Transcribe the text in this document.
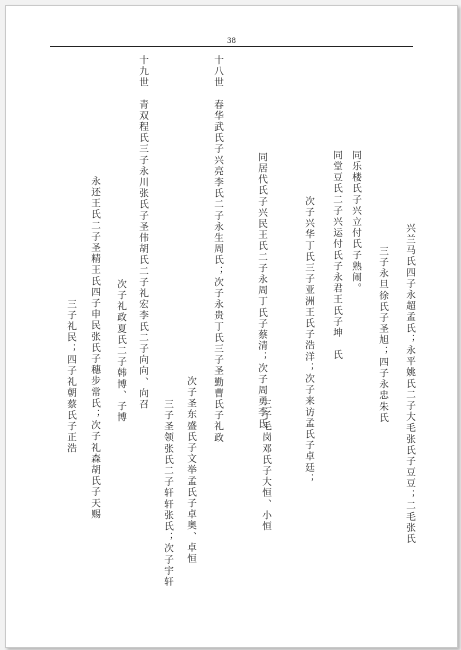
38
兴兰马氏四子永超孟氏；永平姚氏二子大毛张氏子豆豆；二毛张氏
三子永旦徐氏子圣旭；四子永忠朱氏
同乐楼氏子兴立付氏子熟闹。
同堂豆氏二子兴运付氏子永君王氏子坤　氏
次子兴华丁氏三子亚洲王氏子浩洋；次子来访孟氏子卓廷；
三子毛岗邓氏子大恒、小恒
同居代氏子兴民王氏二子永周丁氏子蔡清；次子周勇李氏
十八世　春华武氏子兴亮李氏二子永生周氏；次子永贵丁氏三子圣勤曹氏子礼政
次子圣东盛氏子文举孟氏子卓奥、卓恒
三子圣领张氏二子轩轩张氏；次子宇轩
十九世　青双程氏三子永川张氏子圣伟胡氏二子礼宏李氏二子向向、向召
次子礼政夏氏二子韩博、子博
永还王氏二子圣精王氏四子申民张氏子穗步常氏；次子礼森胡氏子天赐
三子礼民；四子礼朝蔡氏子正浩
